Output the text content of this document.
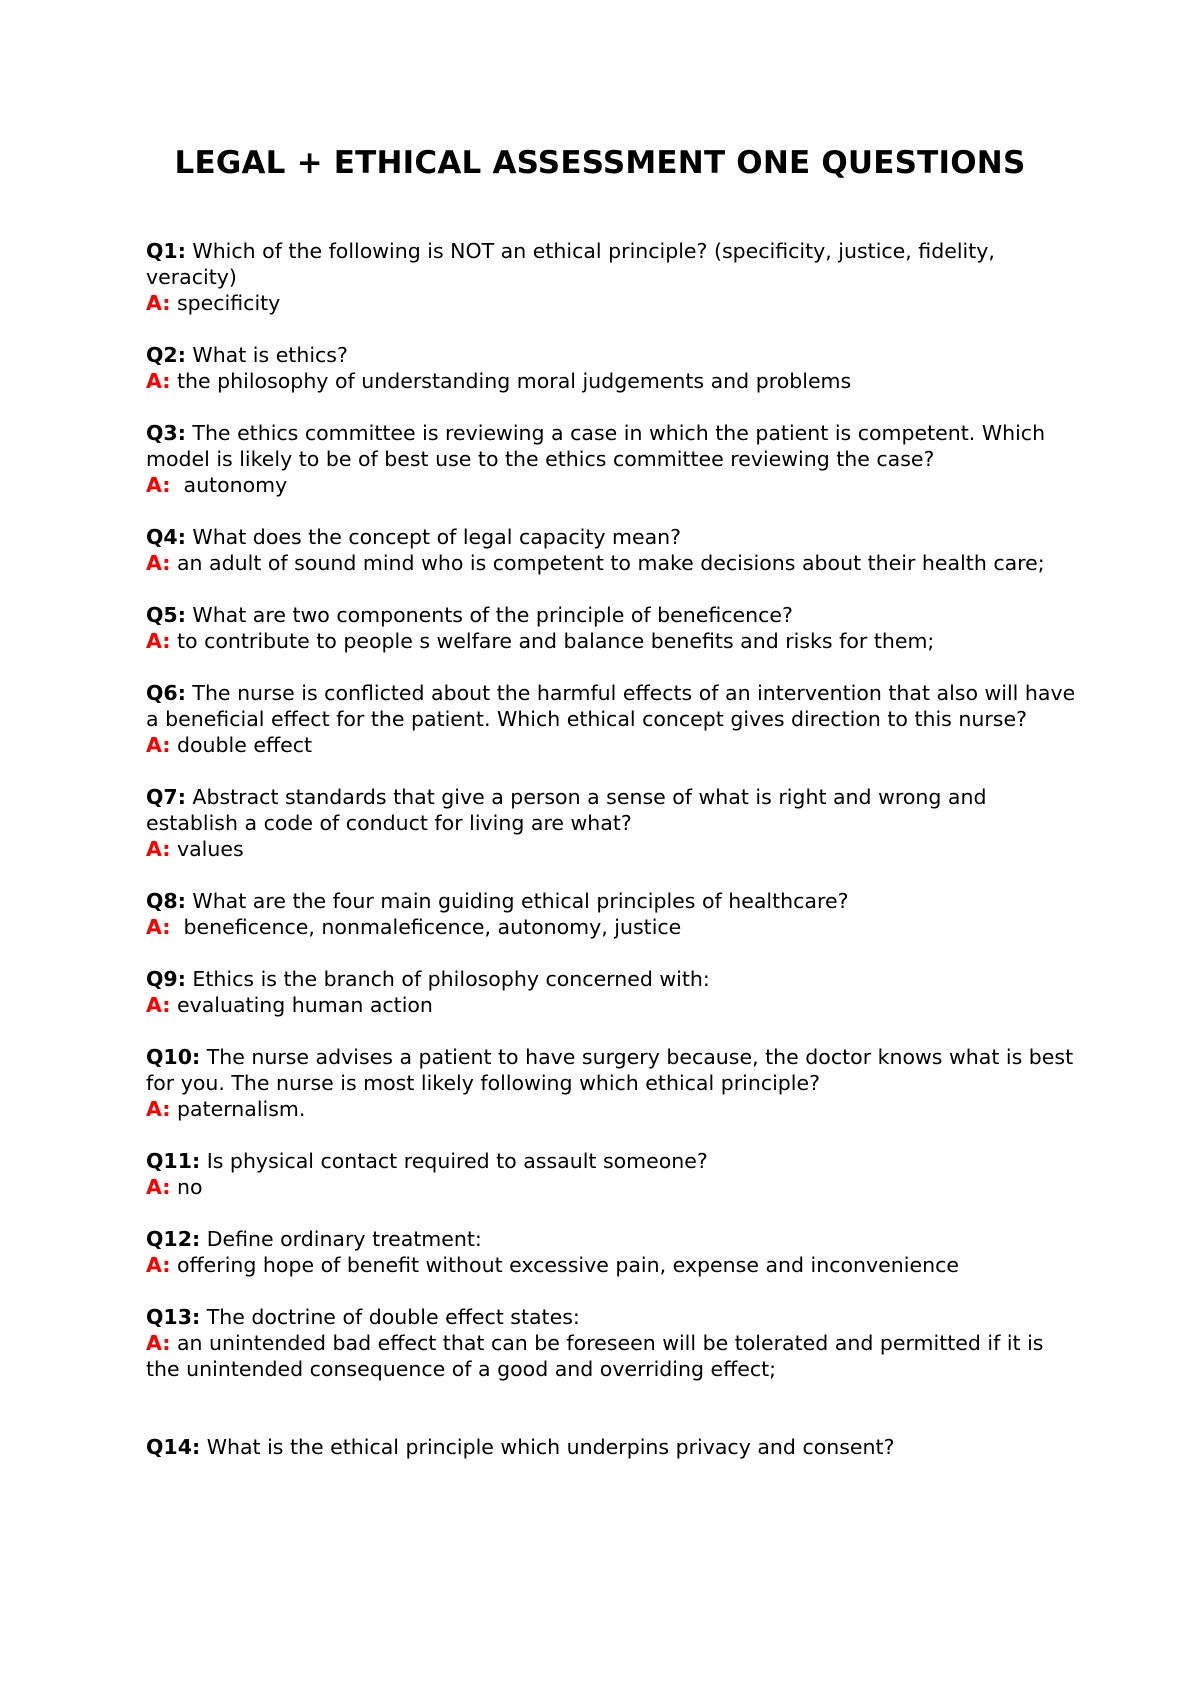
LEGAL + ETHICAL ASSESSMENT ONE QUESTIONS
Q1: Which of the following is NOT an ethical principle? (specificity, justice, fidelity, veracity)
A: specificity
Q2: What is ethics?
A: the philosophy of understanding moral judgements and problems
Q3: The ethics committee is reviewing a case in which the patient is competent. Which model is likely to be of best use to the ethics committee reviewing the case?
A:  autonomy
Q4: What does the concept of legal capacity mean?
A: an adult of sound mind who is competent to make decisions about their health care;
Q5: What are two components of the principle of beneficence?
A: to contribute to people s welfare and balance benefits and risks for them;
Q6: The nurse is conflicted about the harmful effects of an intervention that also will have a beneficial effect for the patient. Which ethical concept gives direction to this nurse?
A: double effect
Q7: Abstract standards that give a person a sense of what is right and wrong and establish a code of conduct for living are what?
A: values
Q8: What are the four main guiding ethical principles of healthcare?
A:  beneficence, nonmaleficence, autonomy, justice
Q9: Ethics is the branch of philosophy concerned with:
A: evaluating human action
Q10: The nurse advises a patient to have surgery because, the doctor knows what is best for you. The nurse is most likely following which ethical principle?
A: paternalism.
Q11: Is physical contact required to assault someone?
A: no
Q12: Define ordinary treatment:
A: offering hope of benefit without excessive pain, expense and inconvenience
Q13: The doctrine of double effect states:
A: an unintended bad effect that can be foreseen will be tolerated and permitted if it is the unintended consequence of a good and overriding effect;
Q14: What is the ethical principle which underpins privacy and consent?
